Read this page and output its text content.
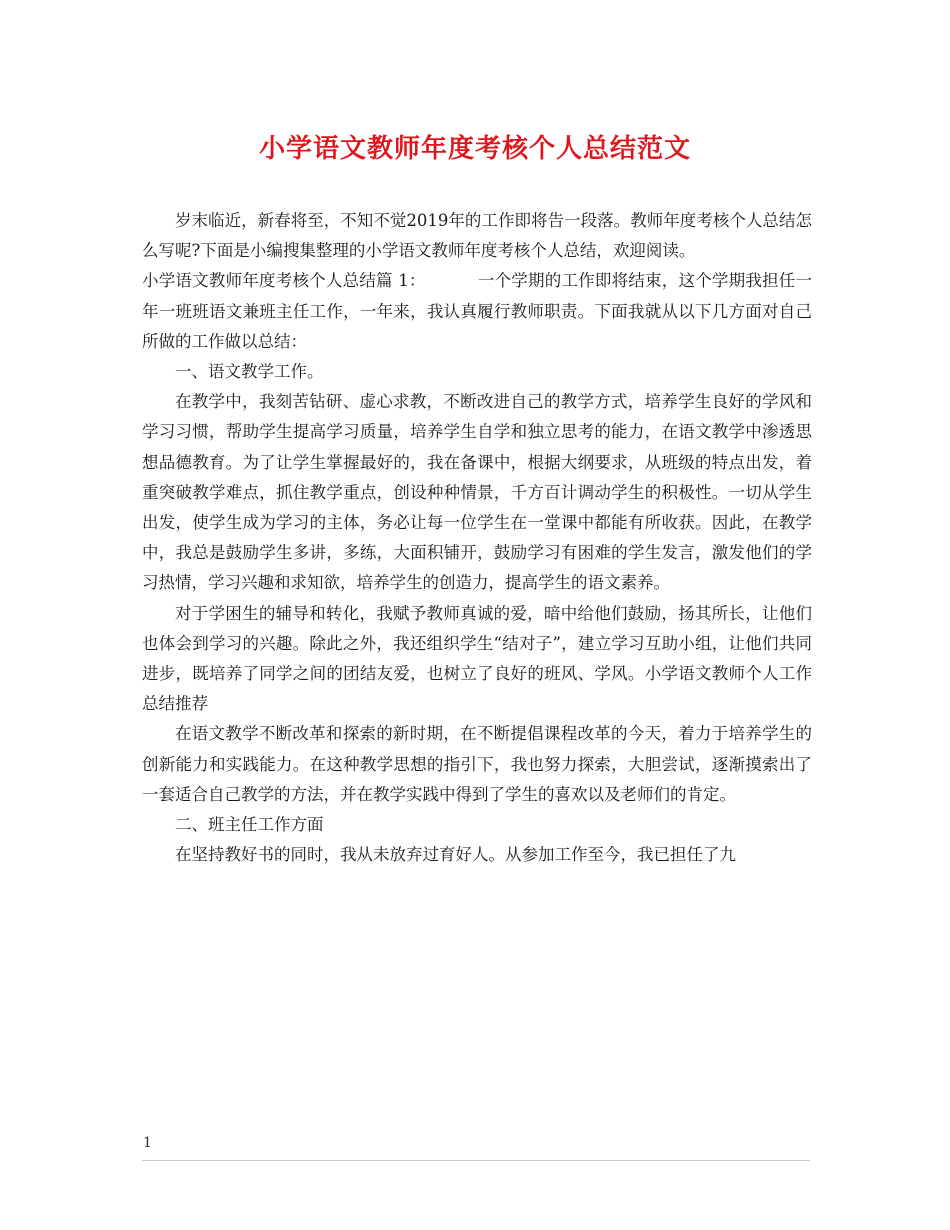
小学语文教师年度考核个人总结范文

岁末临近，新春将至，不知不觉2019年的工作即将告一段落。教师年度考核个人总结怎么写呢?下面是小编搜集整理的小学语文教师年度考核个人总结，欢迎阅读。

小学语文教师年度考核个人总结篇 1：	一个学期的工作即将结束，这个学期我担任一年一班班语文兼班主任工作，一年来，我认真履行教师职责。下面我就从以下几方面对自己所做的工作做以总结：

一、语文教学工作。

在教学中，我刻苦钻研、虚心求教，不断改进自己的教学方式，培养学生良好的学风和学习习惯，帮助学生提高学习质量，培养学生自学和独立思考的能力，在语文教学中渗透思想品德教育。为了让学生掌握最好的，我在备课中，根据大纲要求，从班级的特点出发，着重突破教学难点，抓住教学重点，创设种种情景，千方百计调动学生的积极性。一切从学生出发，使学生成为学习的主体，务必让每一位学生在一堂课中都能有所收获。因此，在教学中，我总是鼓励学生多讲，多练，大面积铺开，鼓励学习有困难的学生发言，激发他们的学习热情，学习兴趣和求知欲，培养学生的创造力，提高学生的语文素养。

对于学困生的辅导和转化，我赋予教师真诚的爱，暗中给他们鼓励，扬其所长，让他们也体会到学习的兴趣。除此之外，我还组织学生“结对子”，建立学习互助小组，让他们共同进步，既培养了同学之间的团结友爱，也树立了良好的班风、学风。小学语文教师个人工作总结推荐

在语文教学不断改革和探索的新时期，在不断提倡课程改革的今天，着力于培养学生的创新能力和实践能力。在这种教学思想的指引下，我也努力探索，大胆尝试，逐渐摸索出了一套适合自己教学的方法，并在教学实践中得到了学生的喜欢以及老师们的肯定。

二、班主任工作方面

在坚持教好书的同时，我从未放弃过育好人。从参加工作至今，我已担任了九

1
